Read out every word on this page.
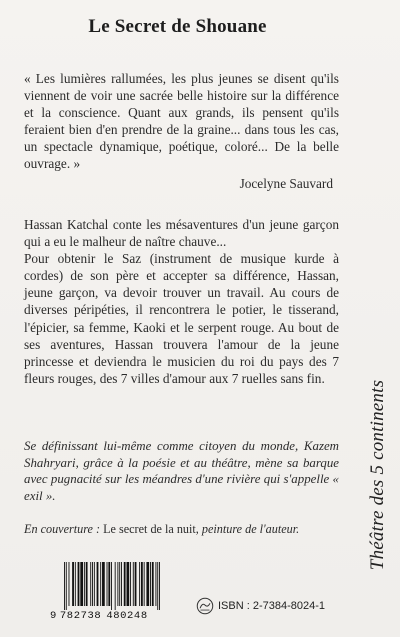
Le Secret de Shouane
« Les lumières rallumées, les plus jeunes se disent qu'ils viennent de voir une sacrée belle histoire sur la différence et la conscience. Quant aux grands, ils pensent qu'ils feraient bien d'en prendre de la graine... dans tous les cas, un spectacle dynamique, poétique, coloré... De la belle ouvrage. »
Jocelyne Sauvard

Hassan Katchal conte les mésaventures d'un jeune garçon qui a eu le malheur de naître chauve...

Pour obtenir le Saz (instrument de musique kurde à cordes) de son père et accepter sa différence, Hassan, jeune garçon, va devoir trouver un travail. Au cours de diverses péripéties, il rencontrera le potier, le tisserand, l'épicier, sa femme, Kaoki et le serpent rouge. Au bout de ses aventures, Hassan trouvera l'amour de la jeune princesse et deviendra le musicien du roi du pays des 7 fleurs rouges, des 7 villes d'amour aux 7 ruelles sans fin.

Se définissant lui-même comme citoyen du monde, Kazem Shahryari, grâce à la poésie et au théâtre, mène sa barque avec pugnacité sur les méandres d'une rivière qui s'appelle « exil ».
En couverture : Le secret de la nuit, peinture de l'auteur.	Théâtre des 5 continents
9 782738 480248
ISBN : 2-7384-8024-1
